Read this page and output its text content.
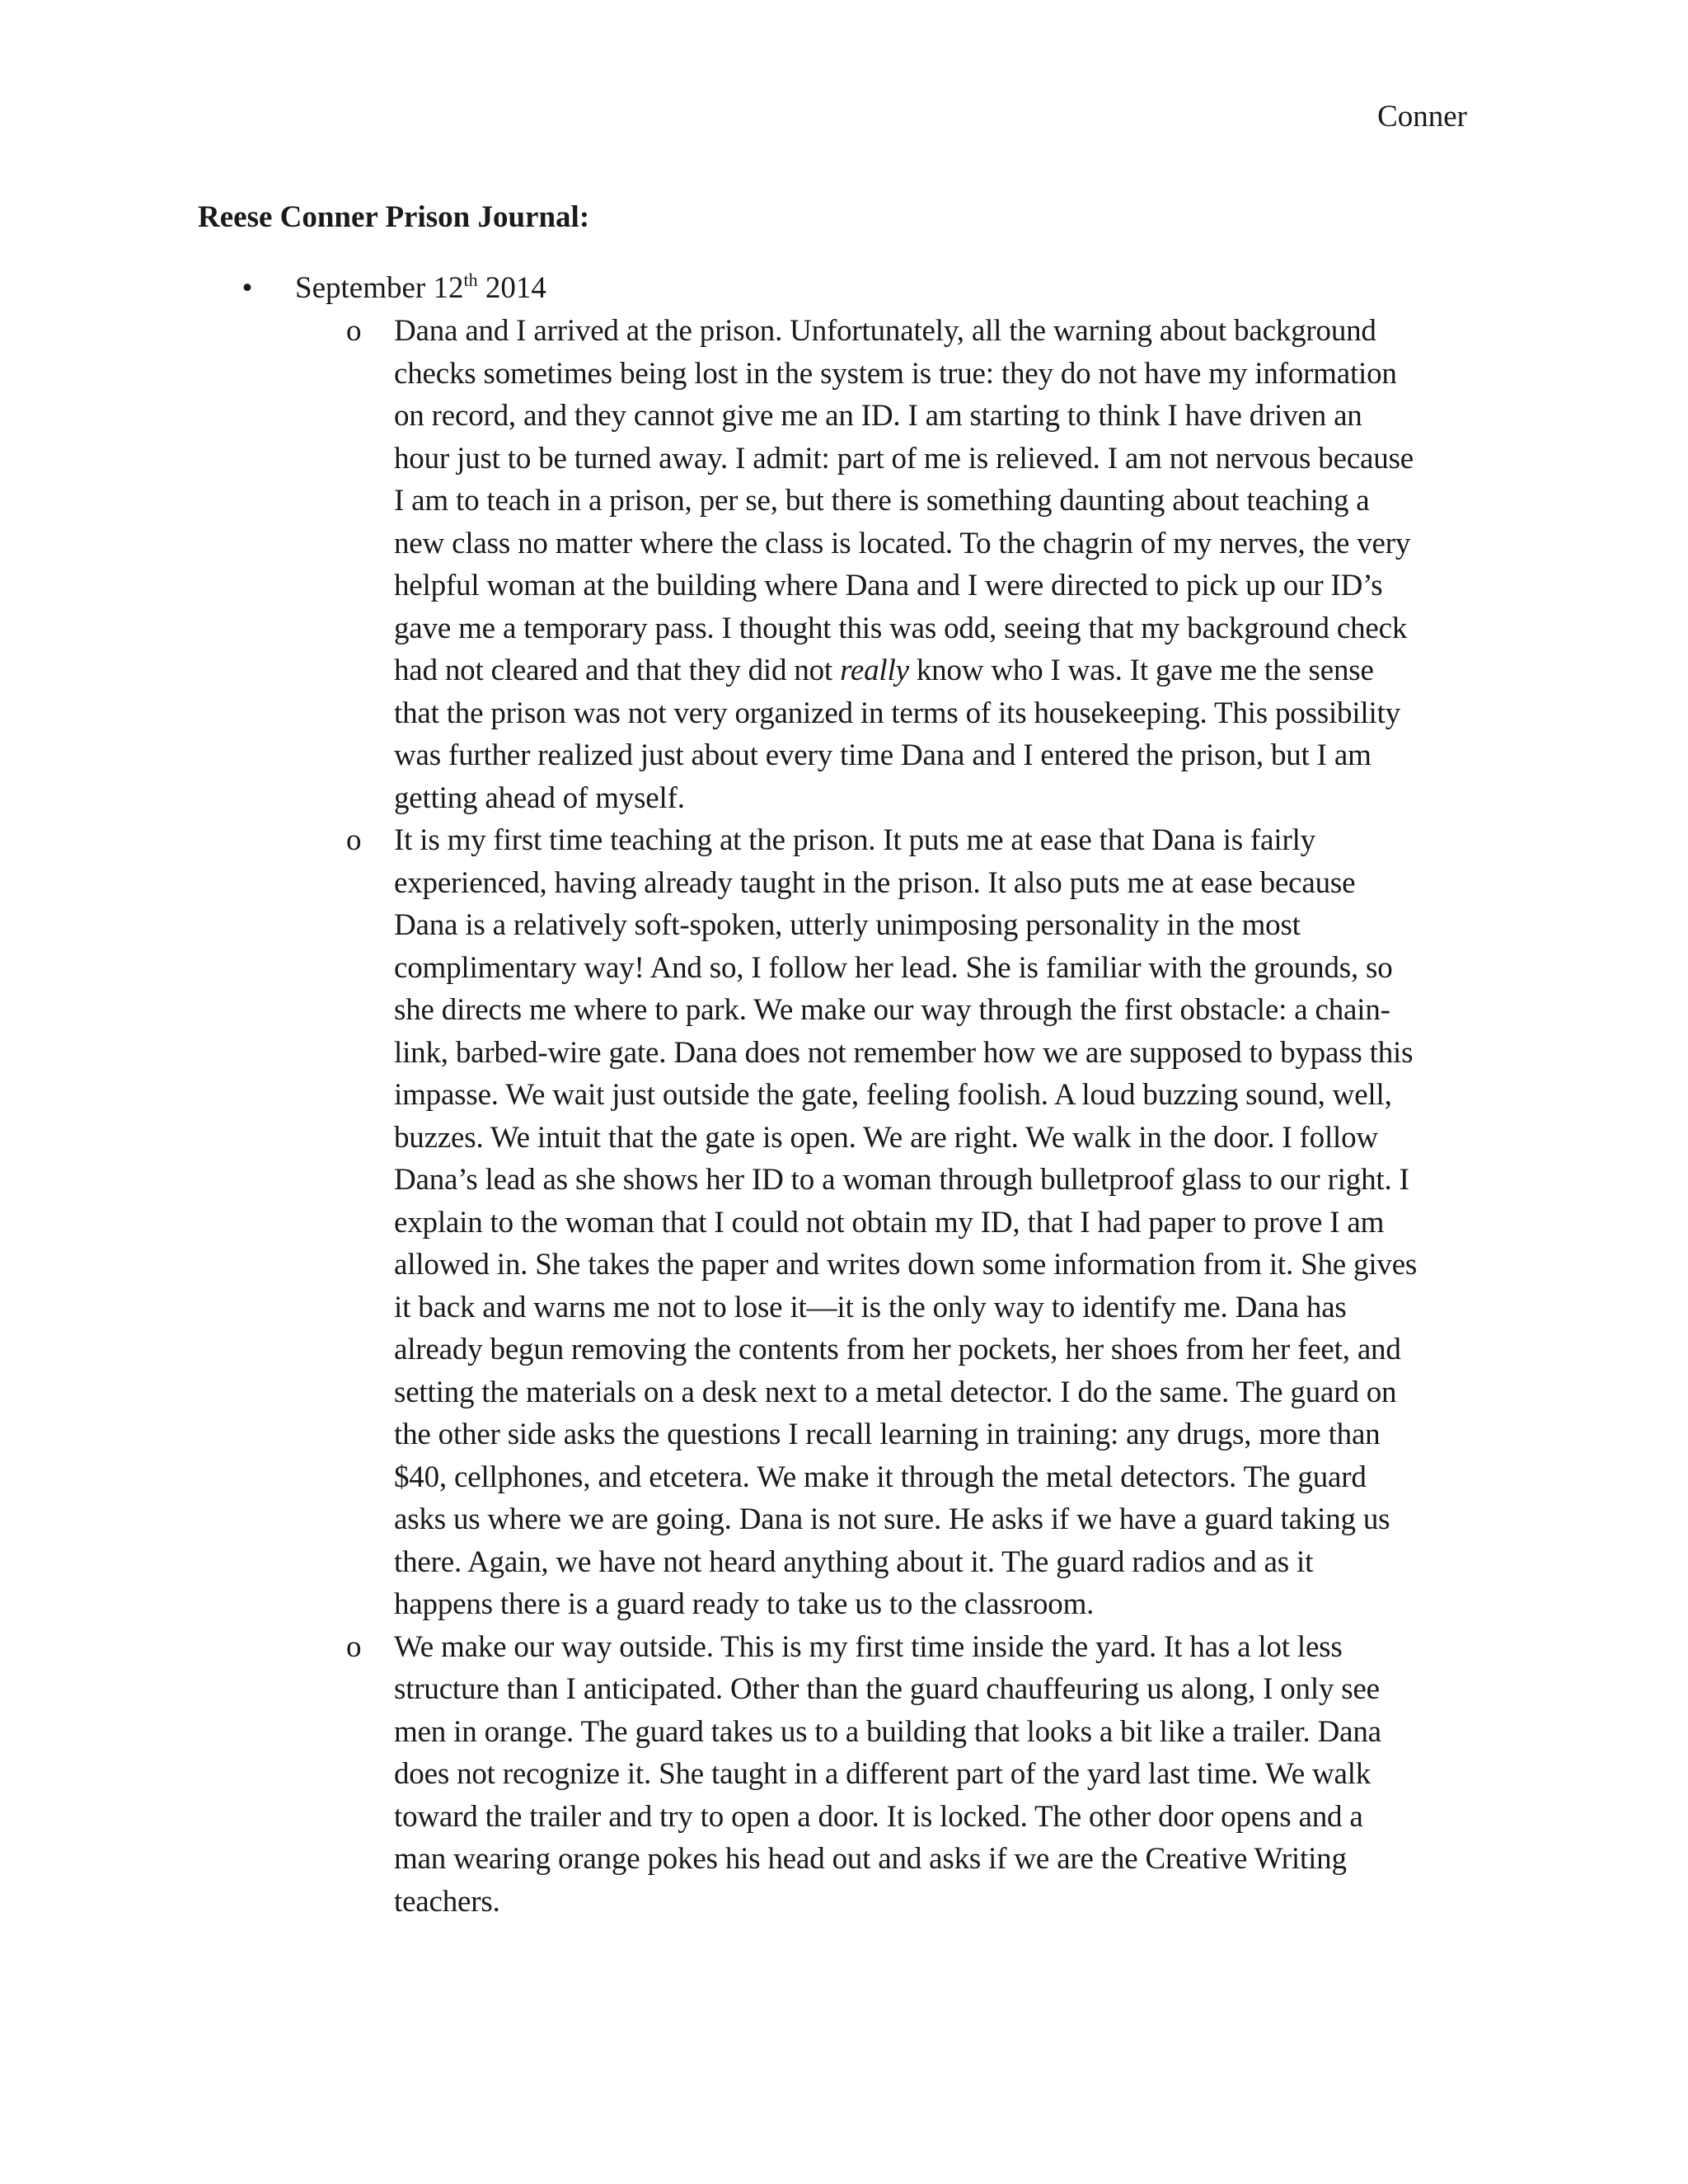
Conner
Reese Conner Prison Journal:
• September 12th 2014
o Dana and I arrived at the prison. Unfortunately, all the warning about background
checks sometimes being lost in the system is true: they do not have my information
on record, and they cannot give me an ID. I am starting to think I have driven an
hour just to be turned away. I admit: part of me is relieved. I am not nervous because
I am to teach in a prison, per se, but there is something daunting about teaching a
new class no matter where the class is located. To the chagrin of my nerves, the very
helpful woman at the building where Dana and I were directed to pick up our ID’s
gave me a temporary pass. I thought this was odd, seeing that my background check
had not cleared and that they did not really know who I was. It gave me the sense
that the prison was not very organized in terms of its housekeeping. This possibility
was further realized just about every time Dana and I entered the prison, but I am
getting ahead of myself.
o It is my first time teaching at the prison. It puts me at ease that Dana is fairly
experienced, having already taught in the prison. It also puts me at ease because
Dana is a relatively soft-spoken, utterly unimposing personality in the most
complimentary way! And so, I follow her lead. She is familiar with the grounds, so
she directs me where to park. We make our way through the first obstacle: a chain-
link, barbed-wire gate. Dana does not remember how we are supposed to bypass this
impasse. We wait just outside the gate, feeling foolish. A loud buzzing sound, well,
buzzes. We intuit that the gate is open. We are right. We walk in the door. I follow
Dana’s lead as she shows her ID to a woman through bulletproof glass to our right. I
explain to the woman that I could not obtain my ID, that I had paper to prove I am
allowed in. She takes the paper and writes down some information from it. She gives
it back and warns me not to lose it—it is the only way to identify me. Dana has
already begun removing the contents from her pockets, her shoes from her feet, and
setting the materials on a desk next to a metal detector. I do the same. The guard on
the other side asks the questions I recall learning in training: any drugs, more than
$40, cellphones, and etcetera. We make it through the metal detectors. The guard
asks us where we are going. Dana is not sure. He asks if we have a guard taking us
there. Again, we have not heard anything about it. The guard radios and as it
happens there is a guard ready to take us to the classroom.
o We make our way outside. This is my first time inside the yard. It has a lot less
structure than I anticipated. Other than the guard chauffeuring us along, I only see
men in orange. The guard takes us to a building that looks a bit like a trailer. Dana
does not recognize it. She taught in a different part of the yard last time. We walk
toward the trailer and try to open a door. It is locked. The other door opens and a
man wearing orange pokes his head out and asks if we are the Creative Writing
teachers.
